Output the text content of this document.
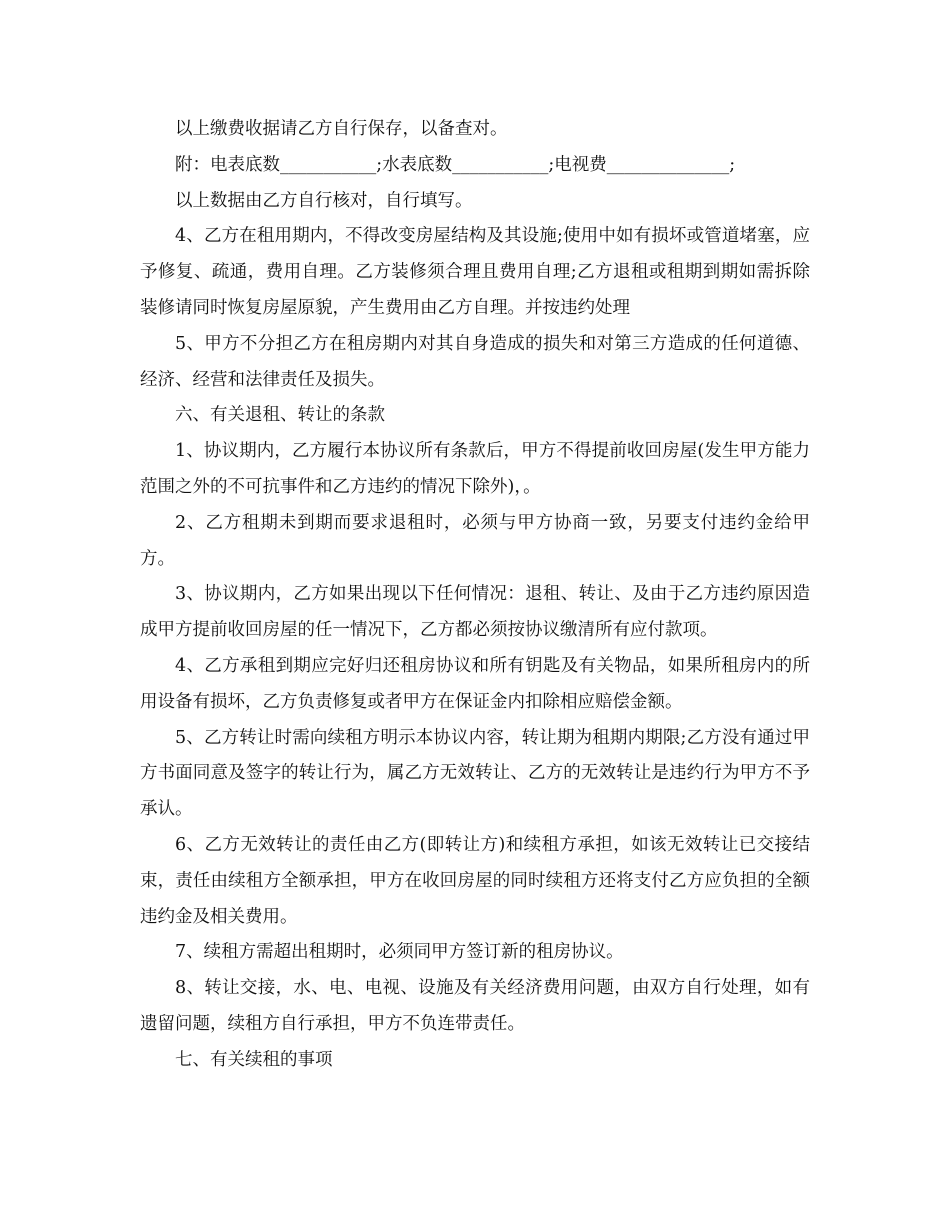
以上缴费收据请乙方自行保存，以备查对。

附：电表底数___________;水表底数___________;电视费______________;

以上数据由乙方自行核对，自行填写。

4、乙方在租用期内，不得改变房屋结构及其设施;使用中如有损坏或管道堵塞，应予修复、疏通，费用自理。乙方装修须合理且费用自理;乙方退租或租期到期如需拆除装修请同时恢复房屋原貌，产生费用由乙方自理。并按违约处理

5、甲方不分担乙方在租房期内对其自身造成的损失和对第三方造成的任何道德、经济、经营和法律责任及损失。

六、有关退租、转让的条款

1、协议期内，乙方履行本协议所有条款后，甲方不得提前收回房屋(发生甲方能力范围之外的不可抗事件和乙方违约的情况下除外)，。

2、乙方租期未到期而要求退租时，必须与甲方协商一致，另要支付违约金给甲方。

3、协议期内，乙方如果出现以下任何情况：退租、转让、及由于乙方违约原因造成甲方提前收回房屋的任一情况下，乙方都必须按协议缴清所有应付款项。

4、乙方承租到期应完好归还租房协议和所有钥匙及有关物品，如果所租房内的所用设备有损坏，乙方负责修复或者甲方在保证金内扣除相应赔偿金额。

5、乙方转让时需向续租方明示本协议内容，转让期为租期内期限;乙方没有通过甲方书面同意及签字的转让行为，属乙方无效转让、乙方的无效转让是违约行为甲方不予承认。

6、乙方无效转让的责任由乙方(即转让方)和续租方承担，如该无效转让已交接结束，责任由续租方全额承担，甲方在收回房屋的同时续租方还将支付乙方应负担的全额违约金及相关费用。

7、续租方需超出租期时，必须同甲方签订新的租房协议。

8、转让交接，水、电、电视、设施及有关经济费用问题，由双方自行处理，如有遗留问题，续租方自行承担，甲方不负连带责任。

七、有关续租的事项
